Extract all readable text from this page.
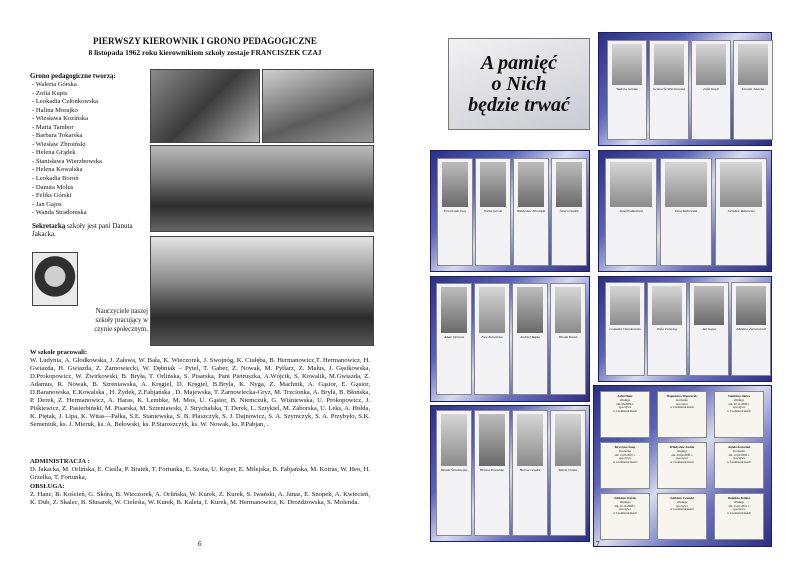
PIERWSZY KIEROWNIK I GRONO PEDAGOGICZNE
8 listopada 1962 roku kierownikiem szkoły zostaje FRANCISZEK CZAJ
Grono pedagogiczne tworzą:
- Waleria Górska
- Zofia Kupis
- Leokadia Członkowska
- Halina Morajko
- Wiesława Kozińska
- Maria Tambor
- Barbara Tokarska
- Wiesław Zbroiński
- Helena Grądek
- Stanisława Wierzbowska
- Helena Kowalska
- Leokadia Boroń
- Danuta Molus
- Feliks Górski
- Jan Gajos
- Wanda Stradomska
Sekretarką szkoły jest pani Danuta Jakacka.
Nauczyciele naszej szkoły pracujący w czynie społecznym.
W szkole pracowali:
W. Ludynia, A. Głodkowska, J. Załswa, W. Bała, K. Wieczorek, J. Swojnóg, K. Ciułęba, B. Hermanowicz,T. Hermanowicz, H. Gwiazda, H. Gwiazda, Z. Żarnowiecki, W. Dębniak – Pytel, T. Gaber, Z. Nowak, M. Pytlarz, Z. Malus, J. Gęsikowska, D.Prokopowicz, W. Żwirkowski, B. Bryła, T. Orlińska, S. Pisarska, Pani Pietruszka, A.Wójcik, S. Kowalik, M.Gwiazda, Z. Adamus, R. Nowak, B. Szreniawska, A. Kręgiel, D. Kręgiel, B.Bryła, K. Nyga, Z. Machnik, A. Gąsior, E. Gąsior, D.Baranowska, E.Kowalska , H. Żydek, Z.Fabjańska , D. Majewska, T. Żarnowiecka-Gryz, M. Trzcionka, A. Bryła, B. Błońska, P. Derek, Z. Hermanowicz, A. Haras, K. Lembke, M. Moś, U. Gąsior, B. Niemczuk, G. Wiśniewska, U. Prokopowicz, J. Piśkiewicz, Z. Pasierbiński, M. Pisarska, M. Szreniawski, J. Strychalska, T. Derek, L. Sztykiel, M. Zaborska, U. Leks, A. Hołda, K. Piętak, J. Lipa, K. Witas—Pałka, S.E. Staniewska, S. B. Płaszczyk, S. J. Dajnowicz, S. A. Szymczyk, S. A. Przybyło, S.K. Semeniuk, ks. J. Mieruk, ks. A. Bełowski, ks. P.Staroszczyk, ks. W. Nowak, ks. P.Pabjan, .
ADMINISTRACJA :
D. Jakacka, M. Orlińska, E. Cieśla, P. Bratek, T. Fortunka, E. Szota, U. Koper, E. Milejska, B. Fabjańska, M. Kotras, W. Heo, H. Grzelka, T. Fortunka,
OBSŁUGA:
Z. Hanc, B. Koścień, G. Skóra, B. Wieczorek, A. Orlińska, W. Kurek, Z. Kurek, S. Iwański, A. Janas, E. Snopek, A. Kwiecień, K. Dub, Z. Skalec, B. Słusarek, W. Cieleśta, W. Kurek, B. Kaleta, I. Kurek, M. Hermanowicz, K. Drożdżowska, S. Molenda.
6
A pamięć
o Nich
będzie trwać
Waleria Górska	Genowefa Wierzbowska	Zofia Kupis	Danuta Jakacka
Franciszek Czaj	Feliks Górski	Władysław Zbroiński	Józef Grządek	Józef Podlasiński	Irena Rutkowska	Jarosław Rutkowski
Adam Oprawa	Ewa Zarwalska	Andrzej Bajda	Wanda Kurek
Leokadia Członkowska	Zofia Zwierzny	Jan Gajos	Zdzisław Żarnowiecki
Wanda Śmiałowska	Helena Kowalska	Helena Grądek	Maria Ciosku
Zofia Hanc
Obsługa
zm. 08.2006 r.
spoczywa
w Czemierniczkach
Bogusława Wieczorek
Kucharka
spoczywa
w Czemierniczkach
Stanisław Skóra
Obsługa
zm. 20.11.2006 r.
spoczywa
w Czemierniczkach
Krystyna Snop
Kucharka
zm. 15.03.2007 r.
spoczywa
w Czemierniczkach
Władysław Kurek
Obsługa
zm. 30.04.2008 r.
spoczywa
w Czemierniczkach
Aniela Kwiecień
Kucharka
zm. 12.09.2009 r.
spoczywa
w Czemierniczkach
Zdzisław Kurek
Obsługa
zm. 22.10.2008 r.
spoczywa
w Czemierniczkach
Zdzisław Iwański
Obsługa
spoczywa
w Czemierniczkach
Bolesław Kaleta
Obsługa
zm. 15.01.2010 r.
spoczywa
w Czemierniczkach
7
